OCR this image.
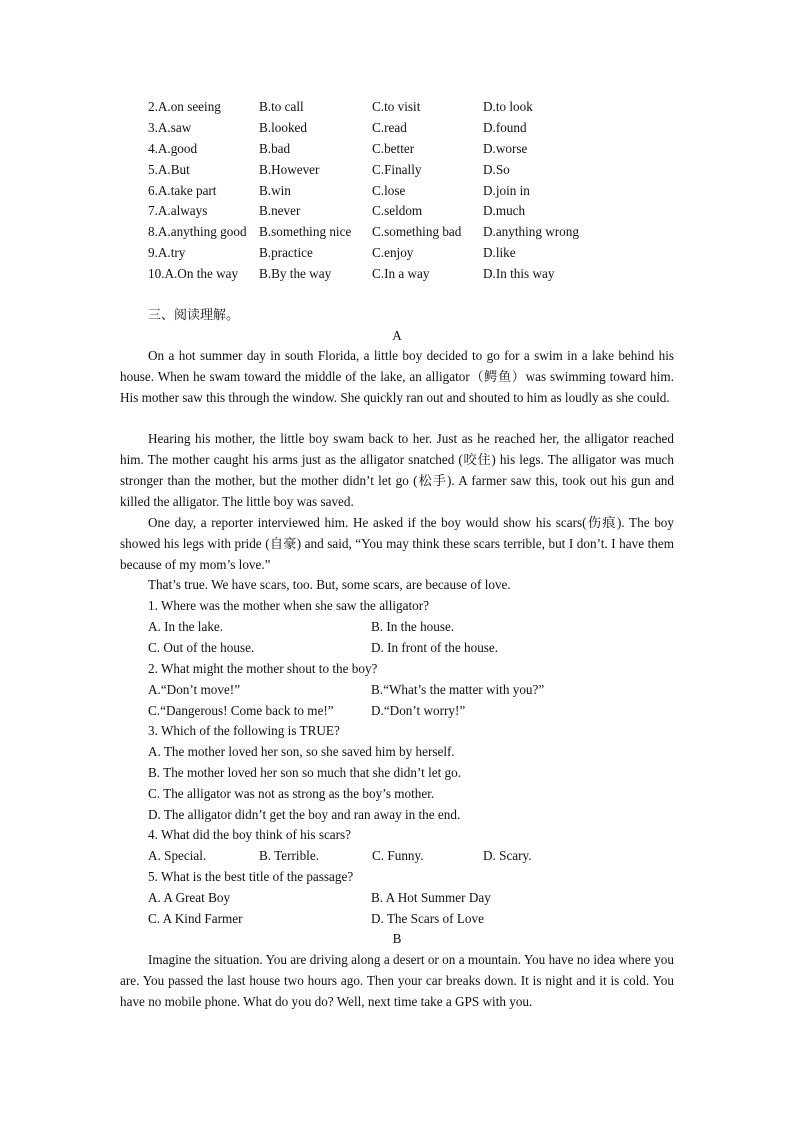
2.A.on seeing	B.to call	C.to visit	D.to look
3.A.saw	B.looked	C.read	D.found
4.A.good	B.bad	C.better	D.worse
5.A.But	B.However	C.Finally	D.So
6.A.take part	B.win	C.lose	D.join in
7.A.always	B.never	C.seldom	D.much
8.A.anything good B.something nice C.something bad D.anything wrong
9.A.try	B.practice	C.enjoy	D.like
10.A.On the way B.By the way	C.In a way	D.In this way
三、阅读理解。
A

On a hot summer day in south Florida, a little boy decided to go for a swim in a lake behind his house. When he swam toward the middle of the lake, an alligator（鳄鱼）was swimming toward him. His mother saw this through the window. She quickly ran out and shouted to him as loudly as she could.

Hearing his mother, the little boy swam back to her. Just as he reached her, the alligator reached him. The mother caught his arms just as the alligator snatched (咬住) his legs. The alligator was much stronger than the mother, but the mother didn’t let go (松手). A farmer saw this, took out his gun and killed the alligator. The little boy was saved.

One day, a reporter interviewed him. He asked if the boy would show his scars(伤痕). The boy showed his legs with pride (自豪) and said, “You may think these scars terrible, but I don’t. I have them because of my mom’s love.”

That’s true. We have scars, too. But, some scars, are because of love.
1. Where was the mother when she saw the alligator?
A. In the lake.	B. In the house.
C. Out of the house.	D. In front of the house.
2. What might the mother shout to the boy?
A.“Don’t move!”	B.“What’s the matter with you?”
C.“Dangerous! Come back to me!”	D.“Don’t worry!”
3. Which of the following is TRUE?
A. The mother loved her son, so she saved him by herself.
B. The mother loved her son so much that she didn’t let go.
C. The alligator was not as strong as the boy’s mother.
D. The alligator didn’t get the boy and ran away in the end.
4. What did the boy think of his scars?
A. Special.	B. Terrible.	C. Funny.	D. Scary.
5. What is the best title of the passage?
A. A Great Boy	B. A Hot Summer Day
C. A Kind Farmer	D. The Scars of Love
B

Imagine the situation. You are driving along a desert or on a mountain. You have no idea where you are. You passed the last house two hours ago. Then your car breaks down. It is night and it is cold. You have no mobile phone. What do you do? Well, next time take a GPS with you.
